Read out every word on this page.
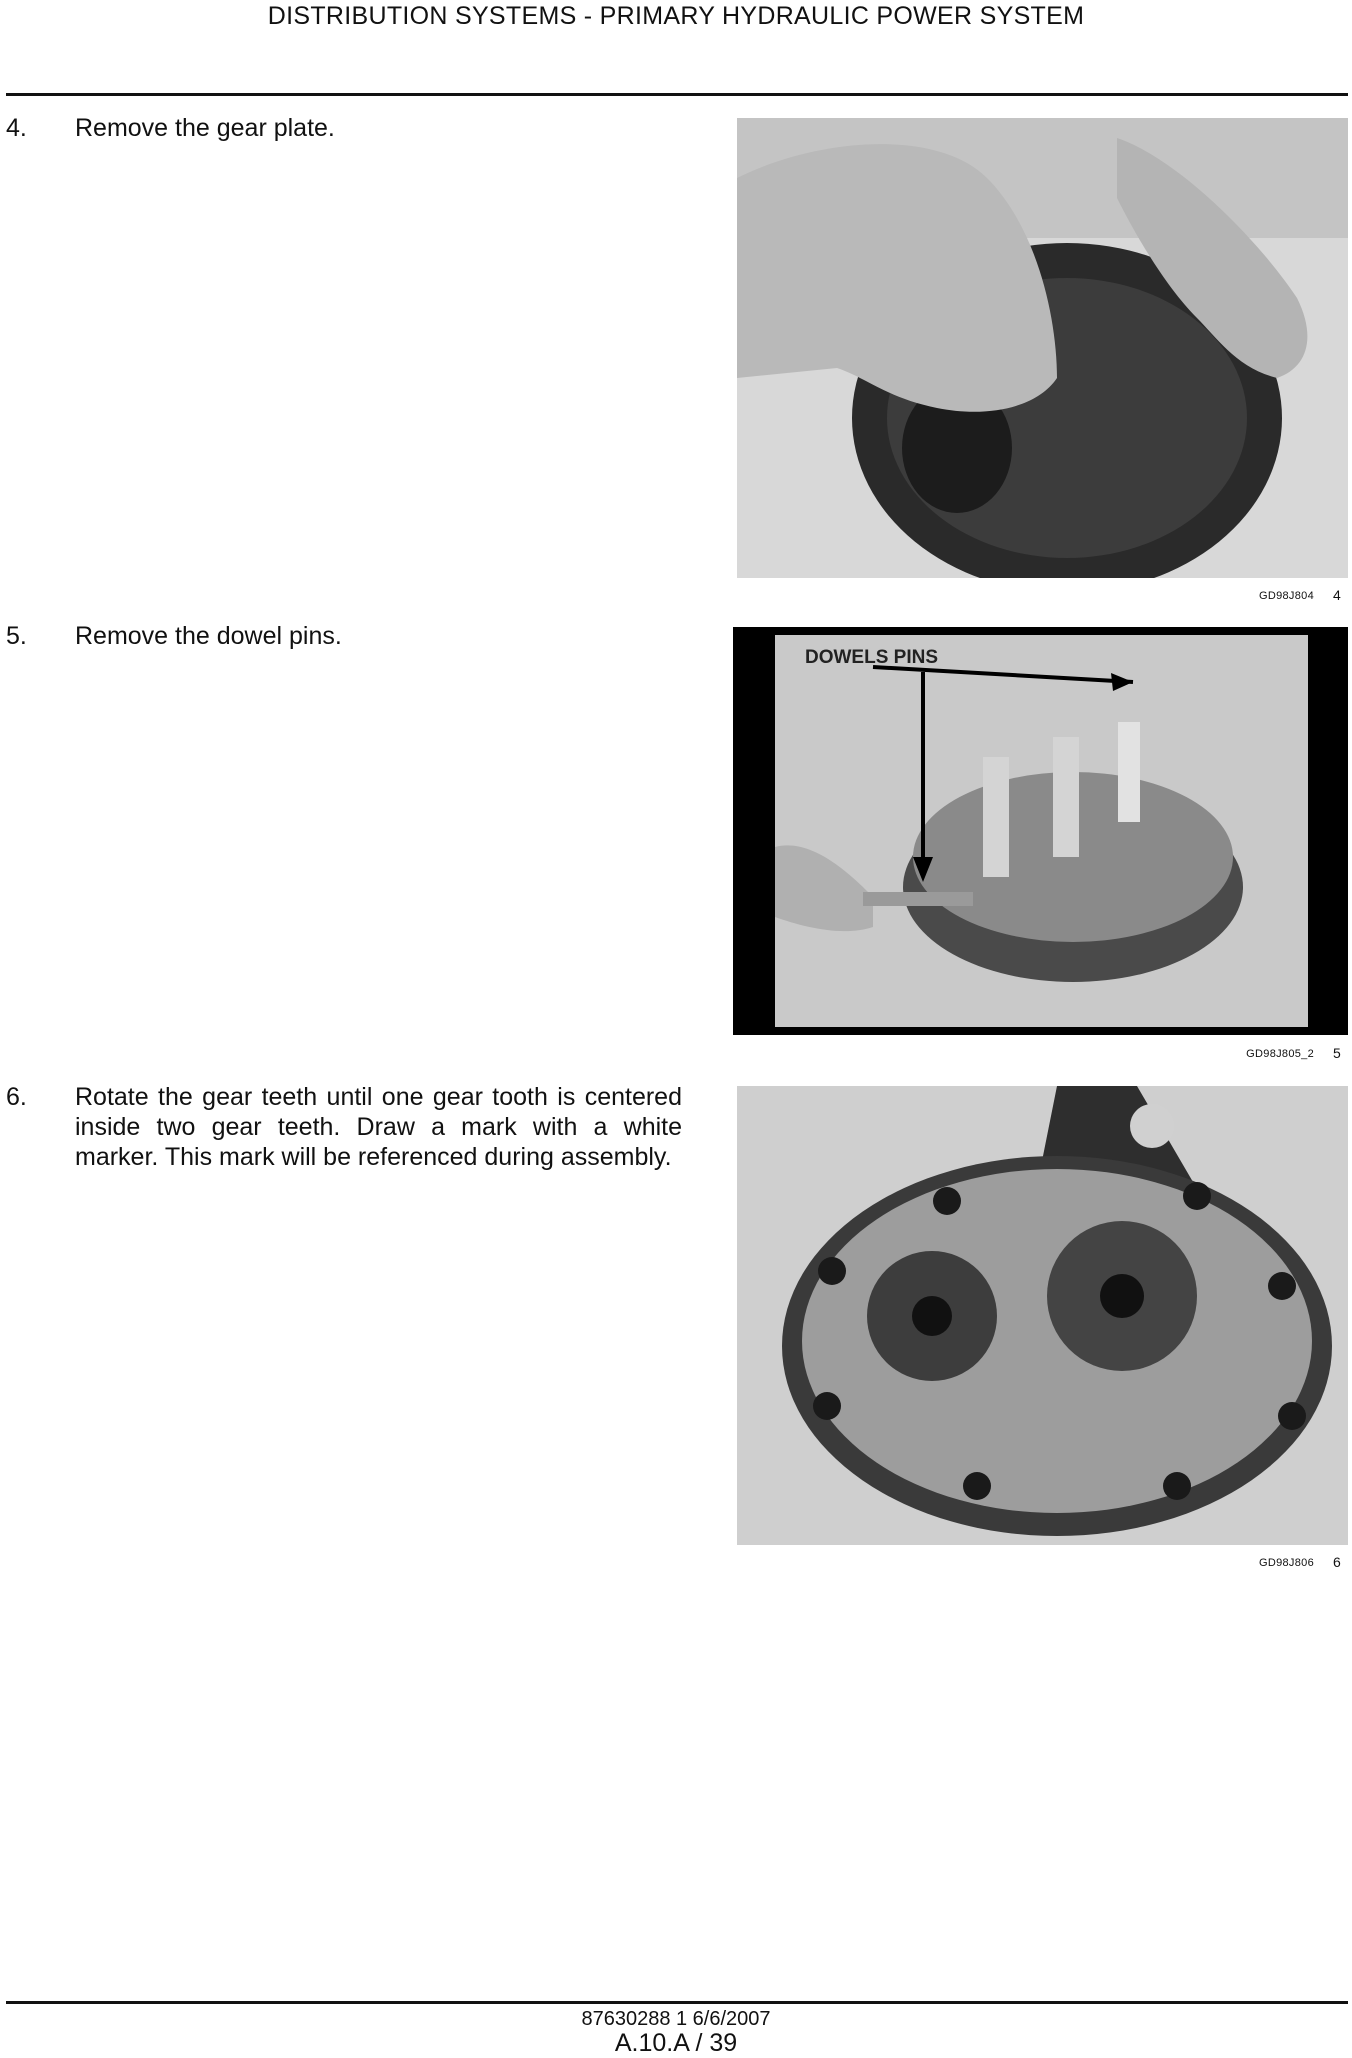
DISTRIBUTION SYSTEMS - PRIMARY HYDRAULIC POWER SYSTEM
4. Remove the gear plate.
GD98J804 4
5. Remove the dowel pins.
DOWELS PINS
GD98J805_2 5
6. Rotate the gear teeth until one gear tooth is centered inside two gear teeth. Draw a mark with a white marker. This mark will be referenced during assembly.
GD98J806 6
87630288 1 6/6/2007
A.10.A / 39
